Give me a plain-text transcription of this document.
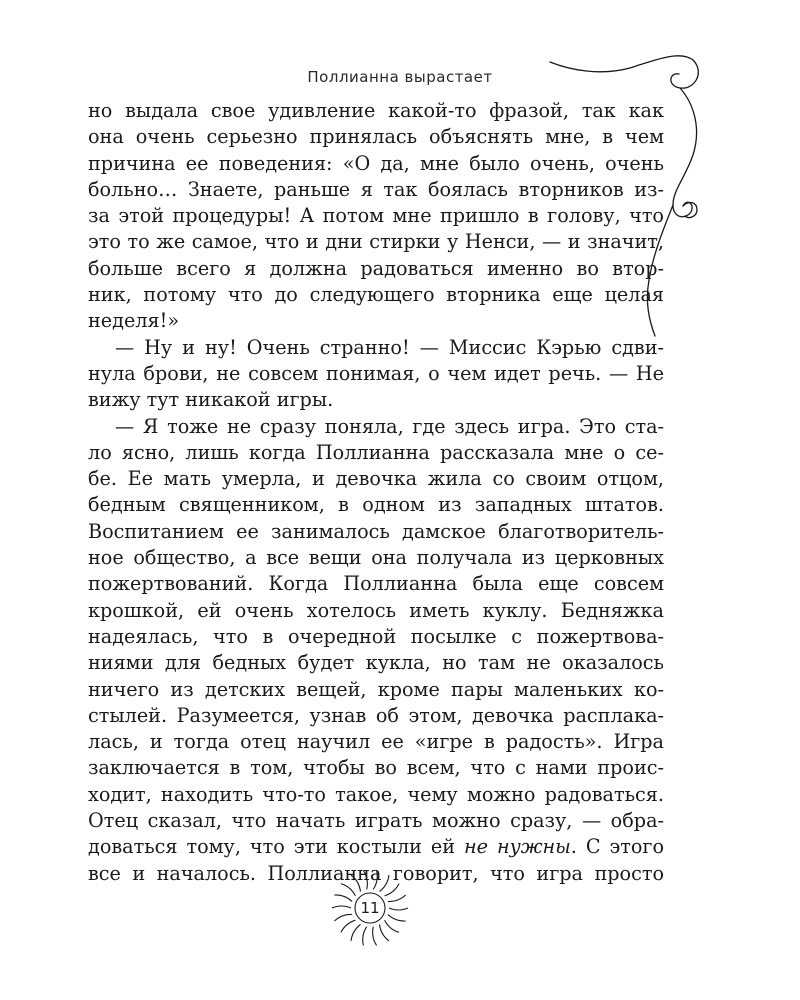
Поллианна вырастает
но выдала свое удивление какой-то фразой, так как
она очень серьезно принялась объяснять мне, в чем
причина ее поведения: «О да, мне было очень, очень
больно… Знаете, раньше я так боялась вторников из-
за этой процедуры! А потом мне пришло в голову, что
это то же самое, что и дни стирки у Ненси, — и значит,
больше всего я должна радоваться именно во втор-
ник, потому что до следующего вторника еще целая
неделя!»
— Ну и ну! Очень странно! — Миссис Кэрью сдви-
нула брови, не совсем понимая, о чем идет речь. — Не
вижу тут никакой игры.
— Я тоже не сразу поняла, где здесь игра. Это ста-
ло ясно, лишь когда Поллианна рассказала мне о се-
бе. Ее мать умерла, и девочка жила со своим отцом,
бедным священником, в одном из западных штатов.
Воспитанием ее занималось дамское благотворитель-
ное общество, а все вещи она получала из церковных
пожертвований. Когда Поллианна была еще совсем
крошкой, ей очень хотелось иметь куклу. Бедняжка
надеялась, что в очередной посылке с пожертвова-
ниями для бедных будет кукла, но там не оказалось
ничего из детских вещей, кроме пары маленьких ко-
стылей. Разумеется, узнав об этом, девочка расплака-
лась, и тогда отец научил ее «игре в радость». Игра
заключается в том, чтобы во всем, что с нами проис-
ходит, находить что-то такое, чему можно радоваться.
Отец сказал, что начать играть можно сразу, — обра-
доваться тому, что эти костыли ей не нужны. С этого
все и началось. Поллианна говорит, что игра просто
11
